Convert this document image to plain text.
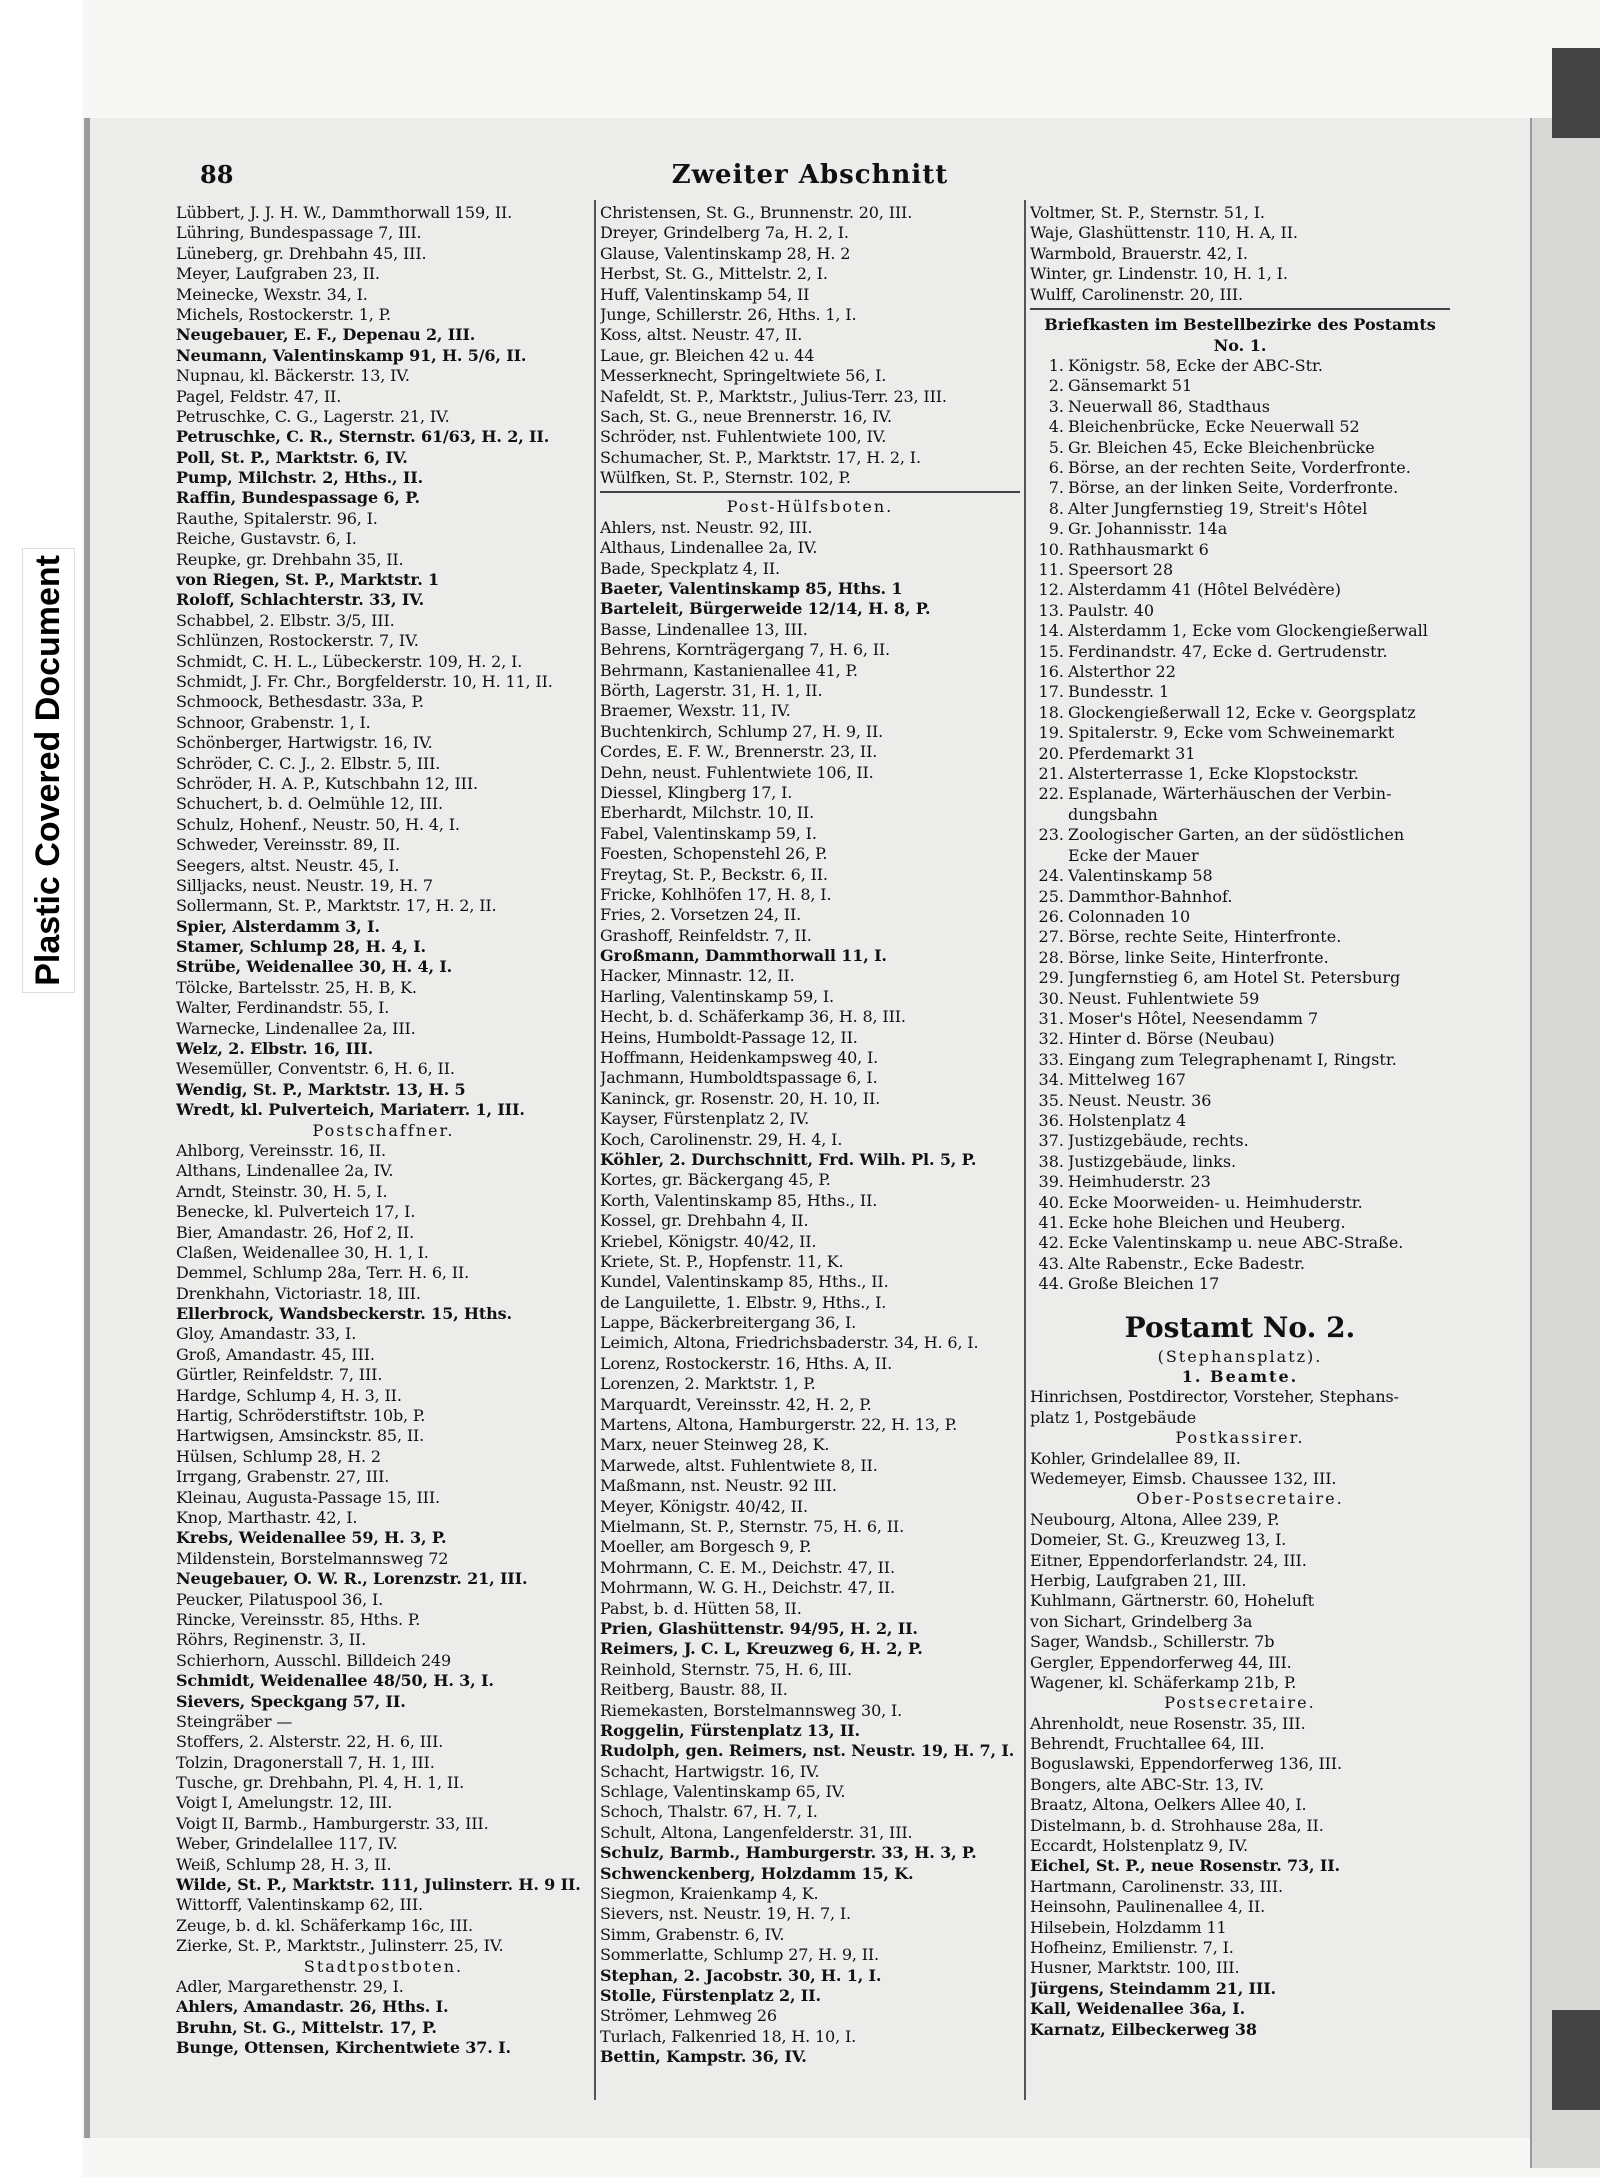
Plastic Covered Document
88	Zweiter Abschnitt
Lübbert, J. J. H. W., Dammthorwall 159, II.
Lühring, Bundespassage 7, III.
Lüneberg, gr. Drehbahn 45, III.
Meyer, Laufgraben 23, II.
Meinecke, Wexstr. 34, I.
Michels, Rostockerstr. 1, P.
Neugebauer, E. F., Depenau 2, III.
Neumann, Valentinskamp 91, H. 5/6, II.
Nupnau, kl. Bäckerstr. 13, IV.
Pagel, Feldstr. 47, II.
Petruschke, C. G., Lagerstr. 21, IV.
Petruschke, C. R., Sternstr. 61/63, H. 2, II.
Poll, St. P., Marktstr. 6, IV.
Pump, Milchstr. 2, Hths., II.
Raffin, Bundespassage 6, P.
Rauthe, Spitalerstr. 96, I.
Reiche, Gustavstr. 6, I.
Reupke, gr. Drehbahn 35, II.
von Riegen, St. P., Marktstr. 1
Roloff, Schlachterstr. 33, IV.
Schabbel, 2. Elbstr. 3/5, III.
Schlünzen, Rostockerstr. 7, IV.
Schmidt, C. H. L., Lübeckerstr. 109, H. 2, I.
Schmidt, J. Fr. Chr., Borgfelderstr. 10, H. 11, II.
Schmoock, Bethesdastr. 33a, P.
Schnoor, Grabenstr. 1, I.
Schönberger, Hartwigstr. 16, IV.
Schröder, C. C. J., 2. Elbstr. 5, III.
Schröder, H. A. P., Kutschbahn 12, III.
Schuchert, b. d. Oelmühle 12, III.
Schulz, Hohenf., Neustr. 50, H. 4, I.
Schweder, Vereinsstr. 89, II.
Seegers, altst. Neustr. 45, I.
Silljacks, neust. Neustr. 19, H. 7
Sollermann, St. P., Marktstr. 17, H. 2, II.
Spier, Alsterdamm 3, I.
Stamer, Schlump 28, H. 4, I.
Strübe, Weidenallee 30, H. 4, I.
Tölcke, Bartelsstr. 25, H. B, K.
Walter, Ferdinandstr. 55, I.
Warnecke, Lindenallee 2a, III.
Welz, 2. Elbstr. 16, III.
Wesemüller, Conventstr. 6, H. 6, II.
Wendig, St. P., Marktstr. 13, H. 5
Wredt, kl. Pulverteich, Mariaterr. 1, III.
Postschaffner.
Ahlborg, Vereinsstr. 16, II.
Althans, Lindenallee 2a, IV.
Arndt, Steinstr. 30, H. 5, I.
Benecke, kl. Pulverteich 17, I.
Bier, Amandastr. 26, Hof 2, II.
Claßen, Weidenallee 30, H. 1, I.
Demmel, Schlump 28a, Terr. H. 6, II.
Drenkhahn, Victoriastr. 18, III.
Ellerbrock, Wandsbeckerstr. 15, Hths.
Gloy, Amandastr. 33, I.
Groß, Amandastr. 45, III.
Gürtler, Reinfeldstr. 7, III.
Hardge, Schlump 4, H. 3, II.
Hartig, Schröderstiftstr. 10b, P.
Hartwigsen, Amsinckstr. 85, II.
Hülsen, Schlump 28, H. 2
Irrgang, Grabenstr. 27, III.
Kleinau, Augusta-Passage 15, III.
Knop, Marthastr. 42, I.
Krebs, Weidenallee 59, H. 3, P.
Mildenstein, Borstelmannsweg 72
Neugebauer, O. W. R., Lorenzstr. 21, III.
Peucker, Pilatuspool 36, I.
Rincke, Vereinsstr. 85, Hths. P.
Röhrs, Reginenstr. 3, II.
Schierhorn, Ausschl. Billdeich 249
Schmidt, Weidenallee 48/50, H. 3, I.
Sievers, Speckgang 57, II.
Steingräber —
Stoffers, 2. Alsterstr. 22, H. 6, III.
Tolzin, Dragonerstall 7, H. 1, III.
Tusche, gr. Drehbahn, Pl. 4, H. 1, II.
Voigt I, Amelungstr. 12, III.
Voigt II, Barmb., Hamburgerstr. 33, III.
Weber, Grindelallee 117, IV.
Weiß, Schlump 28, H. 3, II.
Wilde, St. P., Marktstr. 111, Julinsterr. H. 9 II.
Wittorff, Valentinskamp 62, III.
Zeuge, b. d. kl. Schäferkamp 16c, III.
Zierke, St. P., Marktstr., Julinsterr. 25, IV.
Stadtpostboten.
Adler, Margarethenstr. 29, I.
Ahlers, Amandastr. 26, Hths. I.
Bruhn, St. G., Mittelstr. 17, P.
Bunge, Ottensen, Kirchentwiete 37. I.
Christensen, St. G., Brunnenstr. 20, III.
Dreyer, Grindelberg 7a, H. 2, I.
Glause, Valentinskamp 28, H. 2
Herbst, St. G., Mittelstr. 2, I.
Huff, Valentinskamp 54, II
Junge, Schillerstr. 26, Hths. 1, I.
Koss, altst. Neustr. 47, II.
Laue, gr. Bleichen 42 u. 44
Messerknecht, Springeltwiete 56, I.
Nafeldt, St. P., Marktstr., Julius-Terr. 23, III.
Sach, St. G., neue Brennerstr. 16, IV.
Schröder, nst. Fuhlentwiete 100, IV.
Schumacher, St. P., Marktstr. 17, H. 2, I.
Wülfken, St. P., Sternstr. 102, P.
Post-Hülfsboten.
Ahlers, nst. Neustr. 92, III.
Althaus, Lindenallee 2a, IV.
Bade, Speckplatz 4, II.
Baeter, Valentinskamp 85, Hths. 1
Barteleit, Bürgerweide 12/14, H. 8, P.
Basse, Lindenallee 13, III.
Behrens, Kornträgergang 7, H. 6, II.
Behrmann, Kastanienallee 41, P.
Börth, Lagerstr. 31, H. 1, II.
Braemer, Wexstr. 11, IV.
Buchtenkirch, Schlump 27, H. 9, II.
Cordes, E. F. W., Brennerstr. 23, II.
Dehn, neust. Fuhlentwiete 106, II.
Diessel, Klingberg 17, I.
Eberhardt, Milchstr. 10, II.
Fabel, Valentinskamp 59, I.
Foesten, Schopenstehl 26, P.
Freytag, St. P., Beckstr. 6, II.
Fricke, Kohlhöfen 17, H. 8, I.
Fries, 2. Vorsetzen 24, II.
Grashoff, Reinfeldstr. 7, II.
Großmann, Dammthorwall 11, I.
Hacker, Minnastr. 12, II.
Harling, Valentinskamp 59, I.
Hecht, b. d. Schäferkamp 36, H. 8, III.
Heins, Humboldt-Passage 12, II.
Hoffmann, Heidenkampsweg 40, I.
Jachmann, Humboldtspassage 6, I.
Kaninck, gr. Rosenstr. 20, H. 10, II.
Kayser, Fürstenplatz 2, IV.
Koch, Carolinenstr. 29, H. 4, I.
Köhler, 2. Durchschnitt, Frd. Wilh. Pl. 5, P.
Kortes, gr. Bäckergang 45, P.
Korth, Valentinskamp 85, Hths., II.
Kossel, gr. Drehbahn 4, II.
Kriebel, Königstr. 40/42, II.
Kriete, St. P., Hopfenstr. 11, K.
Kundel, Valentinskamp 85, Hths., II.
de Languilette, 1. Elbstr. 9, Hths., I.
Lappe, Bäckerbreitergang 36, I.
Leimich, Altona, Friedrichsbaderstr. 34, H. 6, I.
Lorenz, Rostockerstr. 16, Hths. A, II.
Lorenzen, 2. Marktstr. 1, P.
Marquardt, Vereinsstr. 42, H. 2, P.
Martens, Altona, Hamburgerstr. 22, H. 13, P.
Marx, neuer Steinweg 28, K.
Marwede, altst. Fuhlentwiete 8, II.
Maßmann, nst. Neustr. 92 III.
Meyer, Königstr. 40/42, II.
Mielmann, St. P., Sternstr. 75, H. 6, II.
Moeller, am Borgesch 9, P.
Mohrmann, C. E. M., Deichstr. 47, II.
Mohrmann, W. G. H., Deichstr. 47, II.
Pabst, b. d. Hütten 58, II.
Prien, Glashüttenstr. 94/95, H. 2, II.
Reimers, J. C. L, Kreuzweg 6, H. 2, P.
Reinhold, Sternstr. 75, H. 6, III.
Reitberg, Baustr. 88, II.
Riemekasten, Borstelmannsweg 30, I.
Roggelin, Fürstenplatz 13, II.
Rudolph, gen. Reimers, nst. Neustr. 19, H. 7, I.
Schacht, Hartwigstr. 16, IV.
Schlage, Valentinskamp 65, IV.
Schoch, Thalstr. 67, H. 7, I.
Schult, Altona, Langenfelderstr. 31, III.
Schulz, Barmb., Hamburgerstr. 33, H. 3, P.
Schwenckenberg, Holzdamm 15, K.
Siegmon, Kraienkamp 4, K.
Sievers, nst. Neustr. 19, H. 7, I.
Simm, Grabenstr. 6, IV.
Sommerlatte, Schlump 27, H. 9, II.
Stephan, 2. Jacobstr. 30, H. 1, I.
Stolle, Fürstenplatz 2, II.
Strömer, Lehmweg 26
Turlach, Falkenried 18, H. 10, I.
Bettin, Kampstr. 36, IV.
Voltmer, St. P., Sternstr. 51, I.
Waje, Glashüttenstr. 110, H. A, II.
Warmbold, Brauerstr. 42, I.
Winter, gr. Lindenstr. 10, H. 1, I.
Wulff, Carolinenstr. 20, III.
Briefkasten im Bestellbezirke des Postamts No. 1.
1. Königstr. 58, Ecke der ABC-Str.
2. Gänsemarkt 51
3. Neuerwall 86, Stadthaus
4. Bleichenbrücke, Ecke Neuerwall 52
5. Gr. Bleichen 45, Ecke Bleichenbrücke
6. Börse, an der rechten Seite, Vorderfronte.
7. Börse, an der linken Seite, Vorderfronte.
8. Alter Jungfernstieg 19, Streit's Hôtel
9. Gr. Johannisstr. 14a
10. Rathhausmarkt 6
11. Speersort 28
12. Alsterdamm 41 (Hôtel Belvédère)
13. Paulstr. 40
14. Alsterdamm 1, Ecke vom Glockengießerwall
15. Ferdinandstr. 47, Ecke d. Gertrudenstr.
16. Alsterthor 22
17. Bundesstr. 1
18. Glockengießerwall 12, Ecke v. Georgsplatz
19. Spitalerstr. 9, Ecke vom Schweinemarkt
20. Pferdemarkt 31
21. Alsterterrasse 1, Ecke Klopstockstr.
22. Esplanade, Wärterhäuschen der Verbin-
dungsbahn
23. Zoologischer Garten, an der südöstlichen
Ecke der Mauer
24. Valentinskamp 58
25. Dammthor-Bahnhof.
26. Colonnaden 10
27. Börse, rechte Seite, Hinterfronte.
28. Börse, linke Seite, Hinterfronte.
29. Jungfernstieg 6, am Hotel St. Petersburg
30. Neust. Fuhlentwiete 59
31. Moser's Hôtel, Neesendamm 7
32. Hinter d. Börse (Neubau)
33. Eingang zum Telegraphenamt I, Ringstr.
34. Mittelweg 167
35. Neust. Neustr. 36
36. Holstenplatz 4
37. Justizgebäude, rechts.
38. Justizgebäude, links.
39. Heimhuderstr. 23
40. Ecke Moorweiden- u. Heimhuderstr.
41. Ecke hohe Bleichen und Heuberg.
42. Ecke Valentinskamp u. neue ABC-Straße.
43. Alte Rabenstr., Ecke Badestr.
44. Große Bleichen 17
Postamt No. 2.
(Stephansplatz).
1. Beamte.
Hinrichsen, Postdirector, Vorsteher, Stephans-
platz 1, Postgebäude
Postkassirer.
Kohler, Grindelallee 89, II.
Wedemeyer, Eimsb. Chaussee 132, III.
Ober-Postsecretaire.
Neubourg, Altona, Allee 239, P.
Domeier, St. G., Kreuzweg 13, I.
Eitner, Eppendorferlandstr. 24, III.
Herbig, Laufgraben 21, III.
Kuhlmann, Gärtnerstr. 60, Hoheluft
von Sichart, Grindelberg 3a
Sager, Wandsb., Schillerstr. 7b
Gergler, Eppendorferweg 44, III.
Wagener, kl. Schäferkamp 21b, P.
Postsecretaire.
Ahrenholdt, neue Rosenstr. 35, III.
Behrendt, Fruchtallee 64, III.
Boguslawski, Eppendorferweg 136, III.
Bongers, alte ABC-Str. 13, IV.
Braatz, Altona, Oelkers Allee 40, I.
Distelmann, b. d. Strohhause 28a, II.
Eccardt, Holstenplatz 9, IV.
Eichel, St. P., neue Rosenstr. 73, II.
Hartmann, Carolinenstr. 33, III.
Heinsohn, Paulinenallee 4, II.
Hilsebein, Holzdamm 11
Hofheinz, Emilienstr. 7, I.
Husner, Marktstr. 100, III.
Jürgens, Steindamm 21, III.
Kall, Weidenallee 36a, I.
Karnatz, Eilbeckerweg 38
